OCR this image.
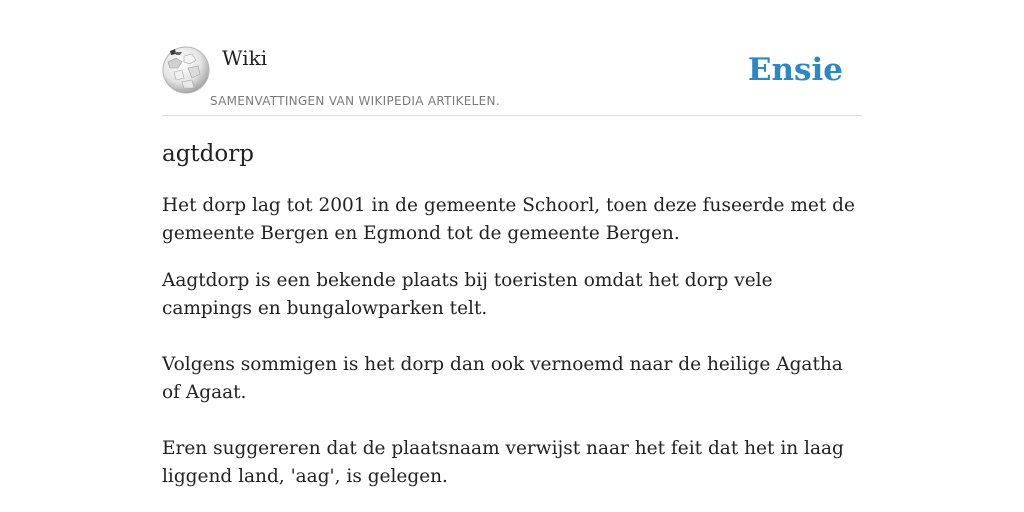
Wiki
SAMENVATTINGEN VAN WIKIPEDIA ARTIKELEN.
Ensie
agtdorp

Het dorp lag tot 2001 in de gemeente Schoorl, toen deze fuseerde met de gemeente Bergen en Egmond tot de gemeente Bergen.

Aagtdorp is een bekende plaats bij toeristen omdat het dorp vele campings en bungalowparken telt.

Volgens sommigen is het dorp dan ook vernoemd naar de heilige Agatha of Agaat.

Eren suggereren dat de plaatsnaam verwijst naar het feit dat het in laag liggend land, 'aag', is gelegen.
